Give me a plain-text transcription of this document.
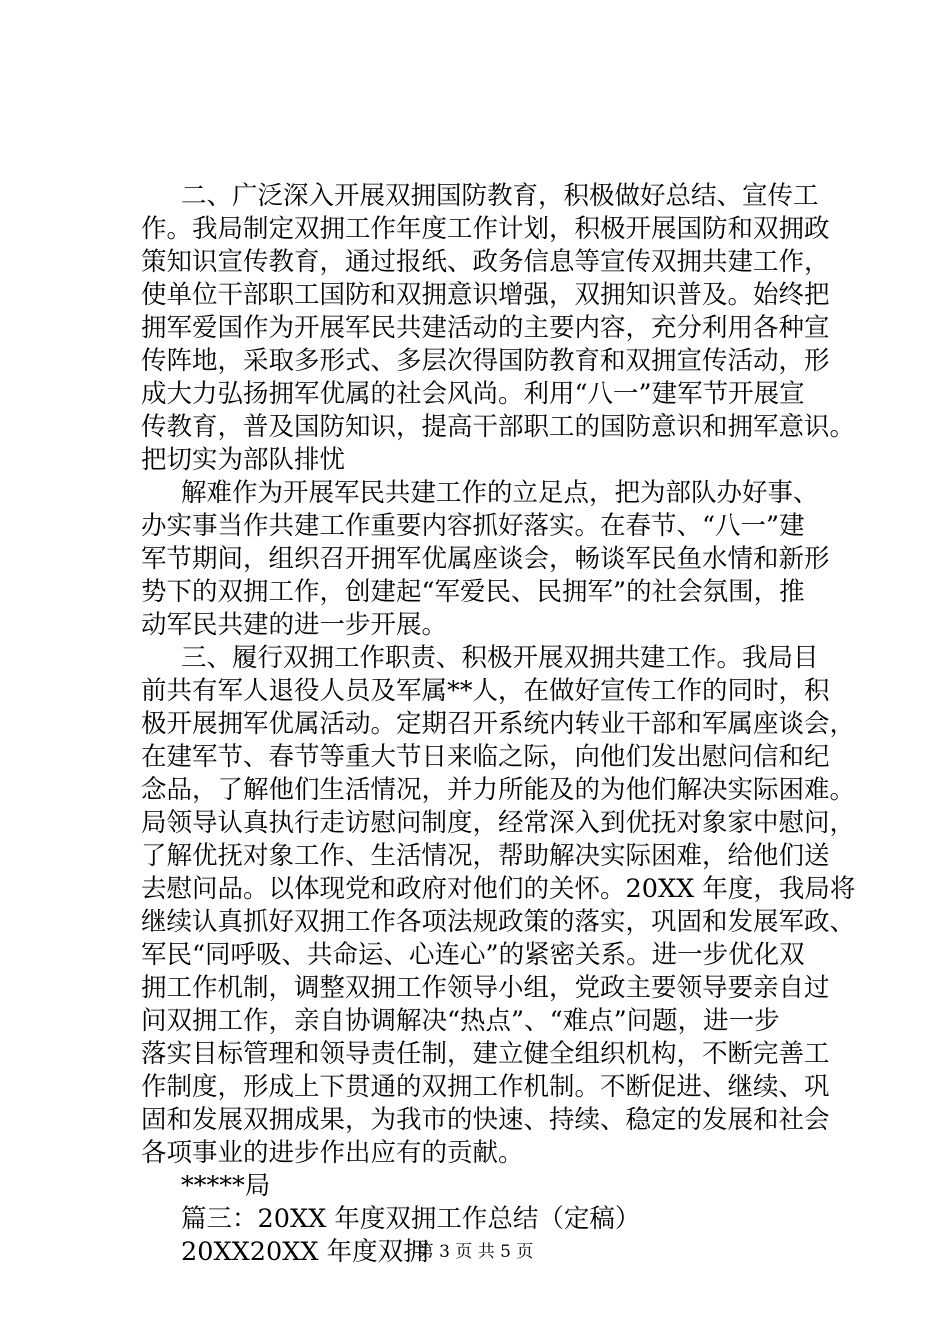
二、广泛深入开展双拥国防教育，积极做好总结、宣传工
作。我局制定双拥工作年度工作计划，积极开展国防和双拥政
策知识宣传教育，通过报纸、政务信息等宣传双拥共建工作，
使单位干部职工国防和双拥意识增强，双拥知识普及。始终把
拥军爱国作为开展军民共建活动的主要内容，充分利用各种宣
传阵地，采取多形式、多层次得国防教育和双拥宣传活动，形
成大力弘扬拥军优属的社会风尚。利用“八一”建军节开展宣
传教育，普及国防知识，提高干部职工的国防意识和拥军意识。
把切实为部队排忧
解难作为开展军民共建工作的立足点，把为部队办好事、
办实事当作共建工作重要内容抓好落实。在春节、“八一”建
军节期间，组织召开拥军优属座谈会，畅谈军民鱼水情和新形
势下的双拥工作，创建起“军爱民、民拥军”的社会氛围，推
动军民共建的进一步开展。
三、履行双拥工作职责、积极开展双拥共建工作。我局目
前共有军人退役人员及军属**人，在做好宣传工作的同时，积
极开展拥军优属活动。定期召开系统内转业干部和军属座谈会，
在建军节、春节等重大节日来临之际，向他们发出慰问信和纪
念品，了解他们生活情况，并力所能及的为他们解决实际困难。
局领导认真执行走访慰问制度，经常深入到优抚对象家中慰问，
了解优抚对象工作、生活情况，帮助解决实际困难，给他们送
去慰问品。以体现党和政府对他们的关怀。20XX 年度，我局将
继续认真抓好双拥工作各项法规政策的落实，巩固和发展军政、
军民“同呼吸、共命运、心连心”的紧密关系。进一步优化双
拥工作机制，调整双拥工作领导小组，党政主要领导要亲自过
问双拥工作，亲自协调解决“热点”、“难点”问题，进一步
落实目标管理和领导责任制，建立健全组织机构，不断完善工
作制度，形成上下贯通的双拥工作机制。不断促进、继续、巩
固和发展双拥成果，为我市的快速、持续、稳定的发展和社会
各项事业的进步作出应有的贡献。
*****局
篇三：20XX 年度双拥工作总结（定稿）
20XX20XX 年度双拥
第 3 页 共 5 页
